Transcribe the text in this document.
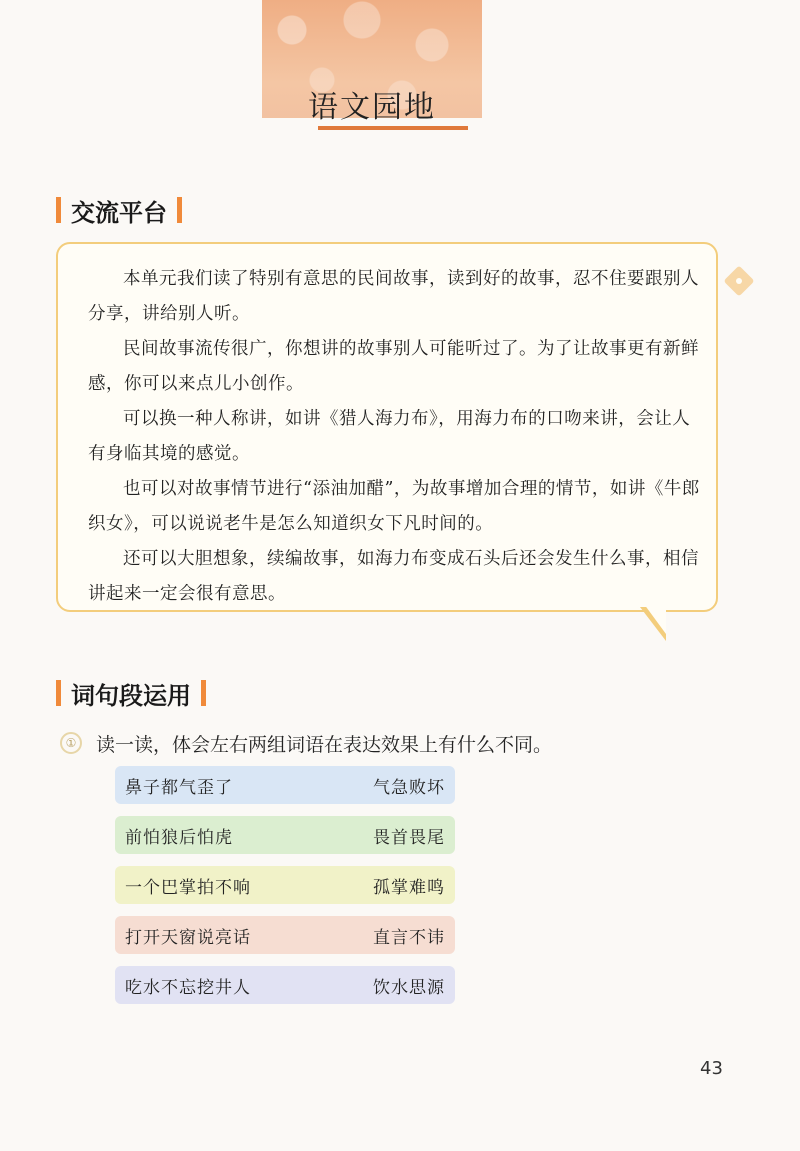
语文园地
交流平台

本单元我们读了特别有意思的民间故事，读到好的故事，忍不住要跟别人分享，讲给别人听。

民间故事流传很广，你想讲的故事别人可能听过了。为了让故事更有新鲜感，你可以来点儿小创作。

可以换一种人称讲，如讲《猎人海力布》，用海力布的口吻来讲，会让人有身临其境的感觉。

也可以对故事情节进行“添油加醋”，为故事增加合理的情节，如讲《牛郎织女》，可以说说老牛是怎么知道织女下凡时间的。

还可以大胆想象，续编故事，如海力布变成石头后还会发生什么事，相信讲起来一定会很有意思。

词句段运用
① 读一读，体会左右两组词语在表达效果上有什么不同。
鼻子都气歪了	气急败坏
前怕狼后怕虎	畏首畏尾
一个巴掌拍不响	孤掌难鸣
打开天窗说亮话	直言不讳
吃水不忘挖井人	饮水思源
43
